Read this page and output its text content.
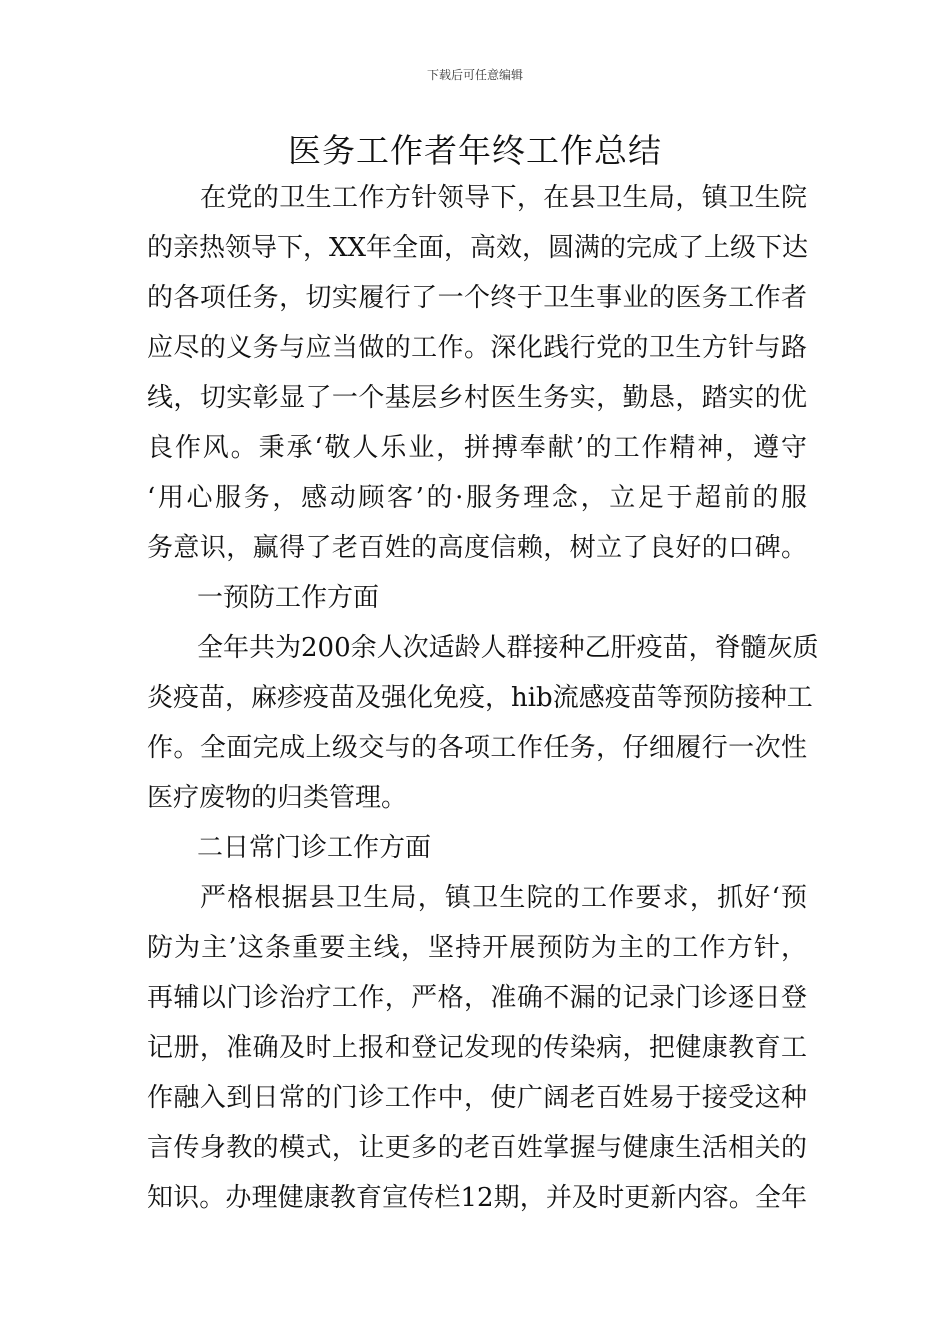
下载后可任意编辑
医务工作者年终工作总结
在党的卫生工作方针领导下，在县卫生局，镇卫生院
的亲热领导下，XX年全面，高效，圆满的完成了上级下达
的各项任务，切实履行了一个终于卫生事业的医务工作者
应尽的义务与应当做的工作。深化践行党的卫生方针与路
线，切实彰显了一个基层乡村医生务实，勤恳，踏实的优
良作风。秉承‘敬人乐业，拼搏奉献’的工作精神，遵守
‘用心服务，感动顾客’的·服务理念，立足于超前的服
务意识，赢得了老百姓的高度信赖，树立了良好的口碑。
一预防工作方面
全年共为200余人次适龄人群接种乙肝疫苗，脊髓灰质
炎疫苗，麻疹疫苗及强化免疫，hib流感疫苗等预防接种工
作。全面完成上级交与的各项工作任务，仔细履行一次性
医疗废物的归类管理。
二日常门诊工作方面
严格根据县卫生局，镇卫生院的工作要求，抓好‘预
防为主’这条重要主线，坚持开展预防为主的工作方针，
再辅以门诊治疗工作，严格，准确不漏的记录门诊逐日登
记册，准确及时上报和登记发现的传染病，把健康教育工
作融入到日常的门诊工作中，使广阔老百姓易于接受这种
言传身教的模式，让更多的老百姓掌握与健康生活相关的
知识。办理健康教育宣传栏12期，并及时更新内容。全年
